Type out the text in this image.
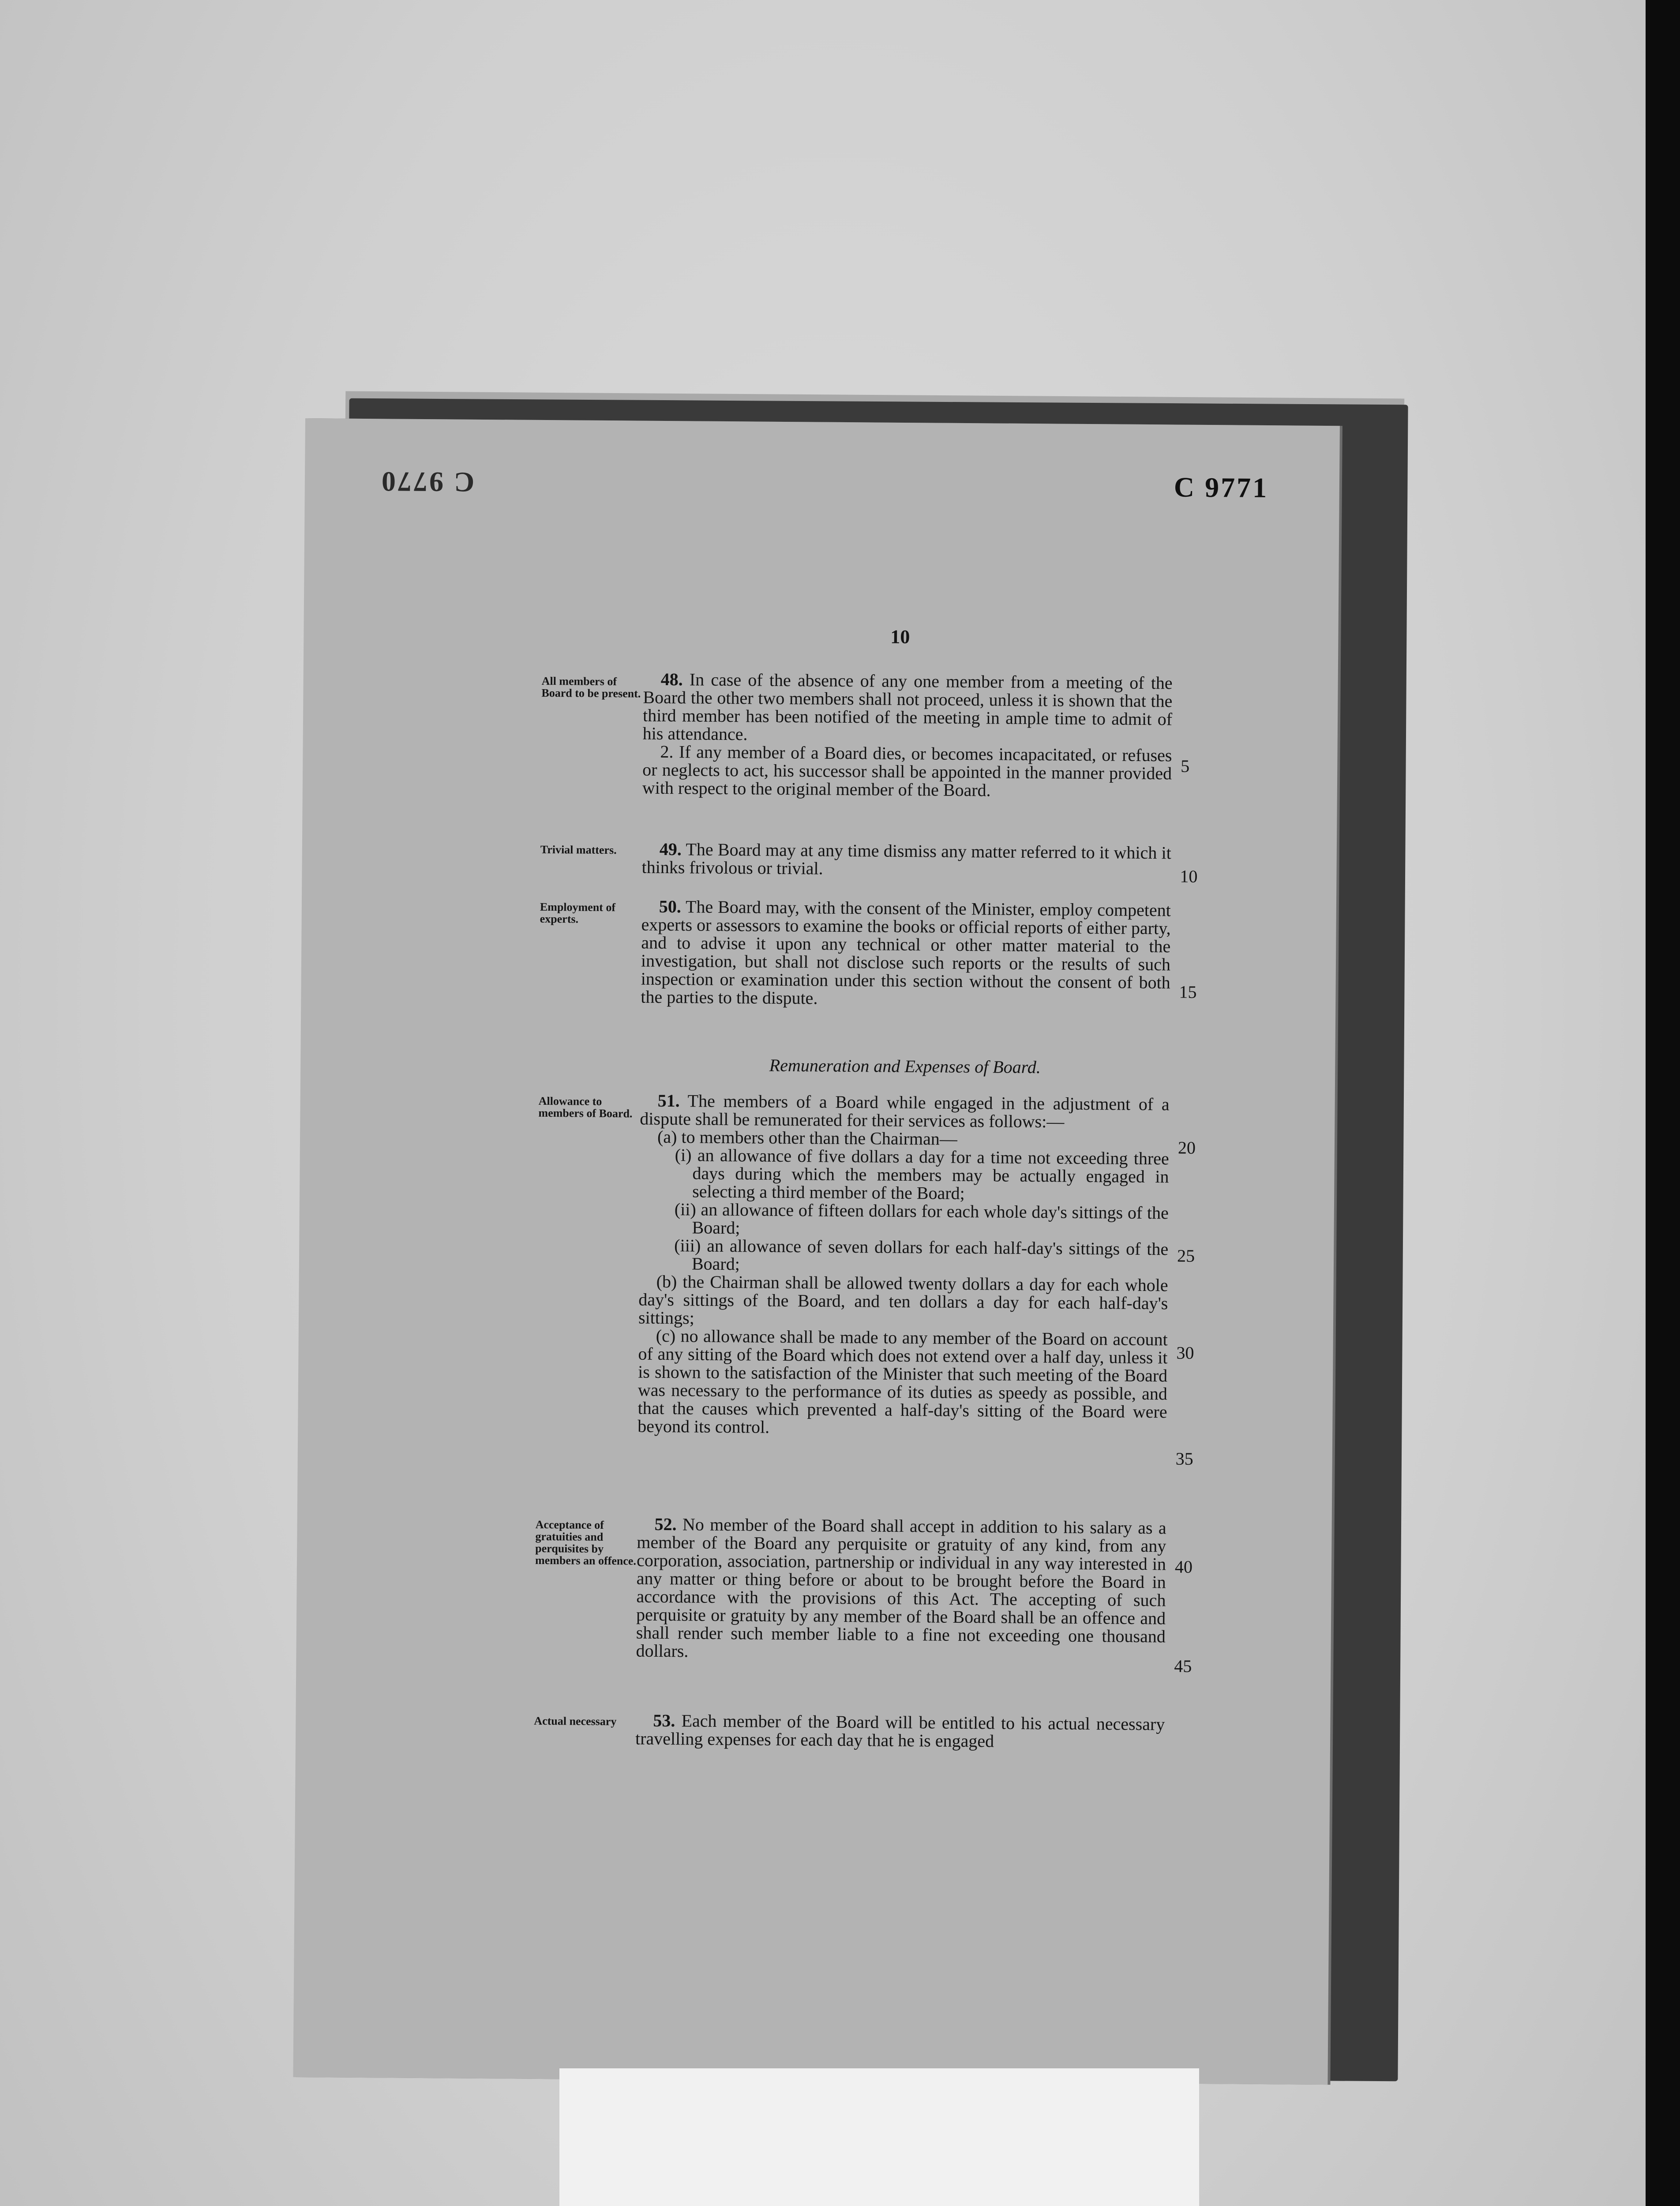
C 9770	C 9771
10
All members of Board to be present.

48. In case of the absence of any one member from a meeting of the Board the other two members shall not proceed, unless it is shown that the third member has been notified of the meeting in ample time to admit of his attendance.

2. If any member of a Board dies, or becomes incapacitated, or refuses or neglects to act, his successor shall be appointed in the manner provided with respect to the original member of the Board.

Trivial matters.	49. The Board may at any time dismiss any matter referred to it which it thinks frivolous or trivial.

Employment of experts.

50. The Board may, with the consent of the Minister, employ competent experts or assessors to examine the books or official reports of either party, and to advise it upon any technical or other matter material to the investigation, but shall not disclose such reports or the results of such inspection or examination under this section without the consent of both the parties to the dispute.

Remuneration and Expenses of Board.
Allowance to members of Board.

51. The members of a Board while engaged in the adjustment of a dispute shall be remunerated for their services as follows:—

(a) to members other than the Chairman—

(i) an allowance of five dollars a day for a time not exceeding three days during which the members may be actually engaged in selecting a third member of the Board;

(ii) an allowance of fifteen dollars for each whole day's sittings of the Board;

(iii) an allowance of seven dollars for each half-day's sittings of the Board;

(b) the Chairman shall be allowed twenty dollars a day for each whole day's sittings of the Board, and ten dollars a day for each half-day's sittings;

(c) no allowance shall be made to any member of the Board on account of any sitting of the Board which does not extend over a half day, unless it is shown to the satisfaction of the Minister that such meeting of the Board was necessary to the performance of its duties as speedy as possible, and that the causes which prevented a half-day's sitting of the Board were beyond its control.

Acceptance of gratuities and perquisites by members an offence.

52. No member of the Board shall accept in addition to his salary as a member of the Board any perquisite or gratuity of any kind, from any corporation, association, partnership or individual in any way interested in any matter or thing before or about to be brought before the Board in accordance with the provisions of this Act. The accepting of such perquisite or gratuity by any member of the Board shall be an offence and shall render such member liable to a fine not exceeding one thousand dollars.

Actual necessary	53. Each member of the Board will be entitled to his actual necessary travelling expenses for each day that he is engaged

5
10
15
20
25
30
35
40
45
